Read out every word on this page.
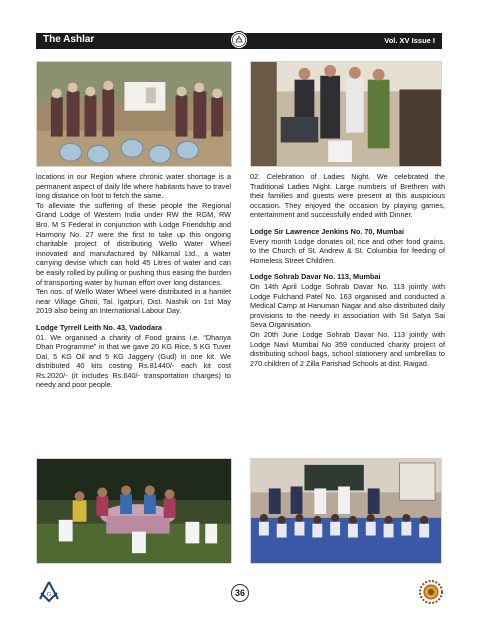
The Ashlar	Vol. XV Issue I

locations in our Region where chronic water shortage is a permanent aspect of daily life where habitants have to travel long distance on foot to fetch the same.

To alleviate the suffering of these people the Regional Grand Lodge of Western India under RW the RGM, RW Bro. M S Federal in conjunction with Lodge Friendship and Harmony No. 27 were the first to take up this ongoing charitable project of distributing Wello Water Wheel innovated and manufactured by Nilkamal Ltd., a water carrying devise which can hold 45 Litres of water and can be easily rolled by pulling or pushing thus easing the burden of transporting water by human effort over long distances.

Ten nos. of Wello Water Wheel were distributed in a hamlet near Village Ghoti, Tal. Igatpuri, Dist. Nashik on 1st May 2019 also being an International Labour Day.

Lodge Tyrrell Leith No. 43, Vadodara

01. We organised a charity of Food grains i.e. “Dhanya Dhan Programme” in that we gave 20 KG Rice, 5 KG Tuver Dal, 5 KG Oil and 5 KG Jaggery (Gud) in one kit. We distributed 40 kits costing Rs.81440/- each kit cost Rs.2020/- (it includes Rs.640/- transportation charges) to needy and poor people.

02. Celebration of Ladies Night. We celebrated the Traditional Ladies Night. Large numbers of Brethren with their families and guests were present at this auspicious occasion. They enjoyed the occasion by playing games, entertainment and successfully ended with Dinner.

Lodge Sir Lawrence Jenkins No. 70, Mumbai

Every month Lodge donates oil, rice and other food grains, to the Church of St. Andrew & St. Columbia for feeding of Homeless Street Children.

Lodge Sohrab Davar No. 113, Mumbai

On 14th April Lodge Sohrab Davar No. 113 jointly with Lodge Fulchand Patel No. 163 organised and conducted a Medical Camp at Hanuman Nagar and also distributed daily provisions to the needy in association with Sri Satya Sai Seva Organisation.

On 20th June Lodge Sohrab Davar No. 113 jointly with Lodge Navi Mumbai No 359 conducted charity project of distributing school bags, school stationery and umbrellas to 270 children of 2 Zilla Parishad Schools at dist. Raigad.

G	36
